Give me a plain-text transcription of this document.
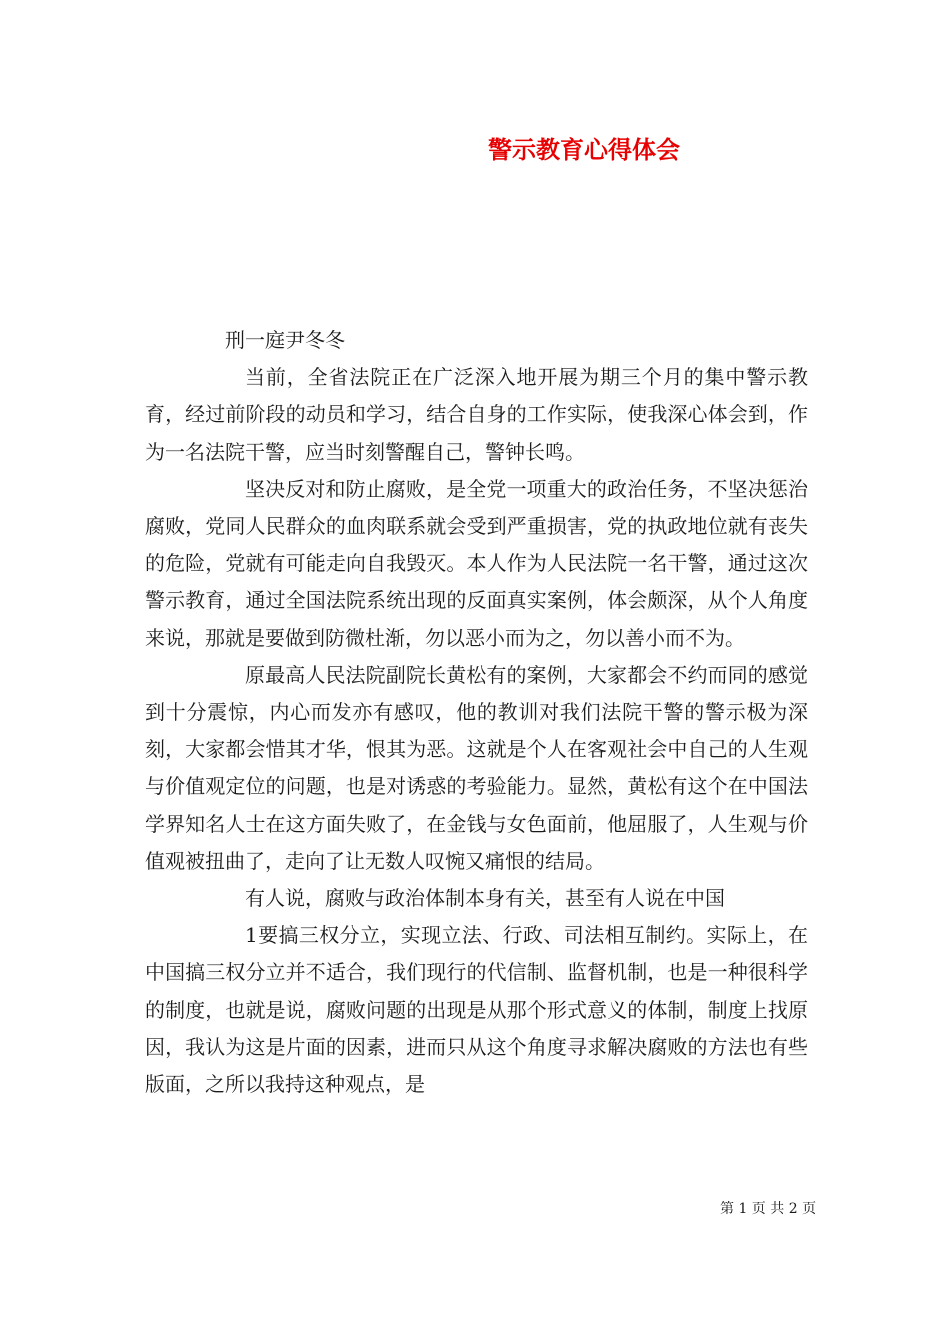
警示教育心得体会

刑一庭尹冬冬

当前，全省法院正在广泛深入地开展为期三个月的集中警示教育，经过前阶段的动员和学习，结合自身的工作实际，使我深心体会到，作为一名法院干警，应当时刻警醒自己，警钟长鸣。

坚决反对和防止腐败，是全党一项重大的政治任务，不坚决惩治腐败，党同人民群众的血肉联系就会受到严重损害，党的执政地位就有丧失的危险，党就有可能走向自我毁灭。本人作为人民法院一名干警，通过这次警示教育，通过全国法院系统出现的反面真实案例，体会颇深，从个人角度来说，那就是要做到防微杜渐，勿以恶小而为之，勿以善小而不为。

原最高人民法院副院长黄松有的案例，大家都会不约而同的感觉到十分震惊，内心而发亦有感叹，他的教训对我们法院干警的警示极为深刻，大家都会惜其才华，恨其为恶。这就是个人在客观社会中自己的人生观与价值观定位的问题，也是对诱惑的考验能力。显然，黄松有这个在中国法学界知名人士在这方面失败了，在金钱与女色面前，他屈服了，人生观与价值观被扭曲了，走向了让无数人叹惋又痛恨的结局。

有人说，腐败与政治体制本身有关，甚至有人说在中国

1要搞三权分立，实现立法、行政、司法相互制约。实际上，在中国搞三权分立并不适合，我们现行的代信制、监督机制，也是一种很科学的制度，也就是说，腐败问题的出现是从那个形式意义的体制，制度上找原因，我认为这是片面的因素，进而只从这个角度寻求解决腐败的方法也有些版面，之所以我持这种观点，是

第 1 页 共 2 页
